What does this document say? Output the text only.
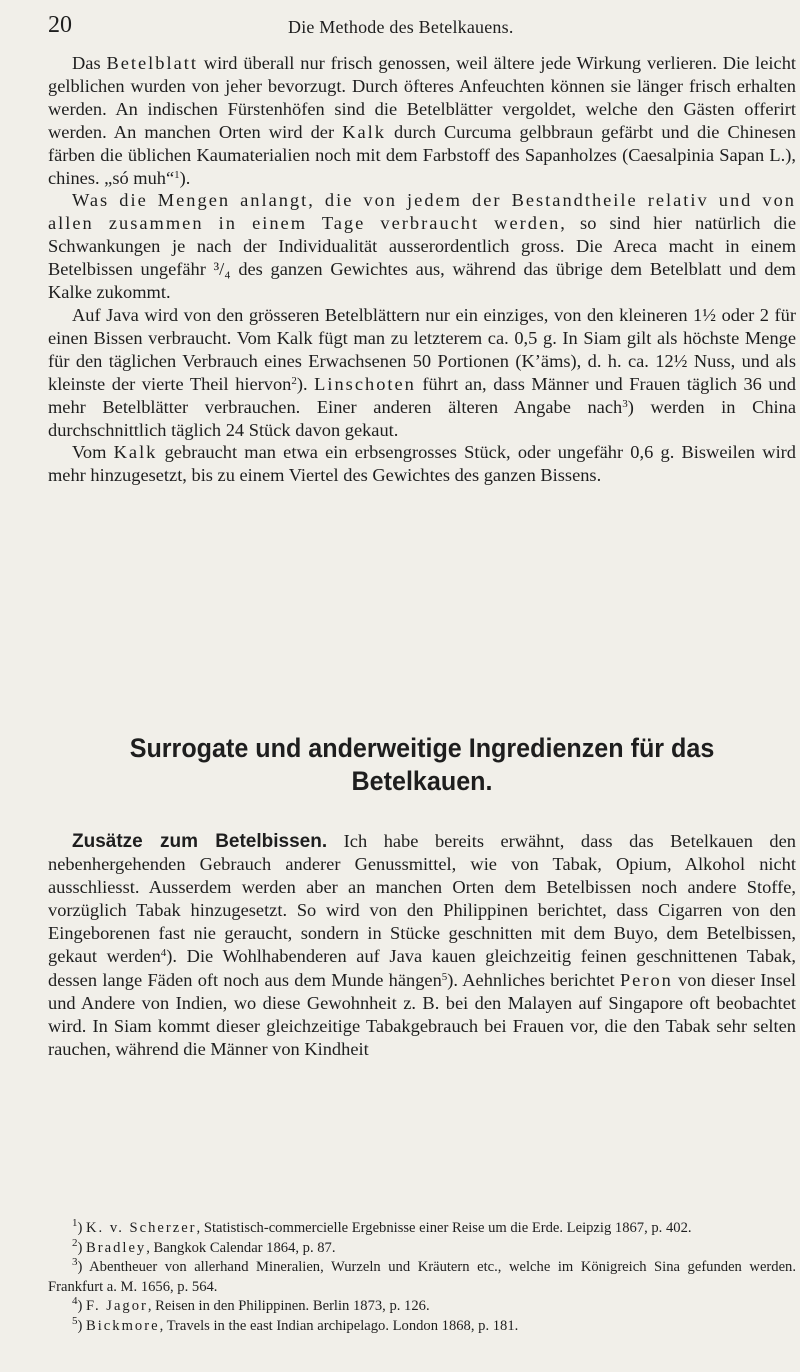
20	Die Methode des Betelkauens.

Das Betelblatt wird überall nur frisch genossen, weil ältere jede Wirkung verlieren. Die leicht gelblichen wurden von jeher bevorzugt. Durch öfteres Anfeuchten können sie länger frisch erhalten werden. An indischen Fürstenhöfen sind die Betelblätter vergoldet, welche den Gästen offerirt werden. An manchen Orten wird der Kalk durch Curcuma gelbbraun gefärbt und die Chinesen färben die üblichen Kaumaterialien noch mit dem Farbstoff des Sapanholzes (Caesalpinia Sapan L.), chines. „só muh“$^1$).

Was die Mengen anlangt, die von jedem der Bestandtheile relativ und von allen zusammen in einem Tage verbraucht werden, so sind hier natürlich die Schwankungen je nach der Individualität ausserordentlich gross. Die Areca macht in einem Betelbissen ungefähr ³/₄ des ganzen Gewichtes aus, während das übrige dem Betelblatt und dem Kalke zukommt.

Auf Java wird von den grösseren Betelblättern nur ein einziges, von den kleineren 1½ oder 2 für einen Bissen verbraucht. Vom Kalk fügt man zu letzterem ca. 0,5 g. In Siam gilt als höchste Menge für den täglichen Verbrauch eines Erwachsenen 50 Portionen (K’äms), d. h. ca. 12½ Nuss, und als kleinste der vierte Theil hiervon$^2$). Linschoten führt an, dass Männer und Frauen täglich 36 und mehr Betelblätter verbrauchen. Einer anderen älteren Angabe nach$^3$) werden in China durchschnittlich täglich 24 Stück davon gekaut.

Vom Kalk gebraucht man etwa ein erbsengrosses Stück, oder ungefähr 0,6 g. Bisweilen wird mehr hinzugesetzt, bis zu einem Viertel des Gewichtes des ganzen Bissens.

Surrogate und anderweitige Ingredienzen für das
Betelkauen.

Zusätze zum Betelbissen. Ich habe bereits erwähnt, dass das Betelkauen den nebenhergehenden Gebrauch anderer Genussmittel, wie von Tabak, Opium, Alkohol nicht ausschliesst. Ausserdem werden aber an manchen Orten dem Betelbissen noch andere Stoffe, vorzüglich Tabak hinzugesetzt. So wird von den Philippinen berichtet, dass Cigarren von den Eingeborenen fast nie geraucht, sondern in Stücke geschnitten mit dem Buyo, dem Betelbissen, gekaut werden$^4$). Die Wohlhabenderen auf Java kauen gleichzeitig feinen geschnittenen Tabak, dessen lange Fäden oft noch aus dem Munde hängen$^5$). Aehnliches berichtet Peron von dieser Insel und Andere von Indien, wo diese Gewohnheit z. B. bei den Malayen auf Singapore oft beobachtet wird. In Siam kommt dieser gleichzeitige Tabakgebrauch bei Frauen vor, die den Tabak sehr selten rauchen, während die Männer von Kindheit

$^1$) K. v. Scherzer, Statistisch-commercielle Ergebnisse einer Reise um die Erde. Leipzig 1867, p. 402.

$^2$) Bradley, Bangkok Calendar 1864, p. 87.

$^3$) Abentheuer von allerhand Mineralien, Wurzeln und Kräutern etc., welche im Königreich Sina gefunden werden. Frankfurt a. M. 1656, p. 564.

$^4$) F. Jagor, Reisen in den Philippinen. Berlin 1873, p. 126.

$^5$) Bickmore, Travels in the east Indian archipelago. London 1868, p. 181.
